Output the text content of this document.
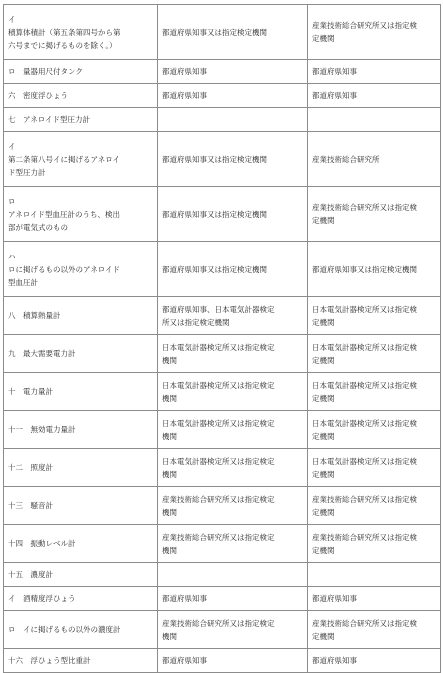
イ
積算体積計（第五条第四号から第
六号までに掲げるものを除く。）	都道府県知事又は指定検定機関	産業技術総合研究所又は指定検
定機関

ロ　量器用尺付タンク	都道府県知事	都道府県知事

六　密度浮ひょう	都道府県知事	都道府県知事

七　アネロイド型圧力計		

イ
第二条第八号イに掲げるアネロイ
ド型圧力計	都道府県知事又は指定検定機関	産業技術総合研究所

ロ
アネロイド型血圧計のうち、検出
部が電気式のもの	都道府県知事又は指定検定機関	産業技術総合研究所又は指定検
定機関

ハ
ロに掲げるもの以外のアネロイド
型血圧計	都道府県知事又は指定検定機関	都道府県知事又は指定検定機関

八　積算熱量計	都道府県知事、日本電気計器検定
所又は指定検定機関	日本電気計器検定所又は指定検
定機関

九　最大需要電力計	日本電気計器検定所又は指定検定
機関	日本電気計器検定所又は指定検
定機関

十　電力量計	日本電気計器検定所又は指定検定
機関	日本電気計器検定所又は指定検
定機関

十一　無効電力量計	日本電気計器検定所又は指定検定
機関	日本電気計器検定所又は指定検
定機関

十二　照度計	日本電気計器検定所又は指定検定
機関	日本電気計器検定所又は指定検
定機関

十三　騒音計	産業技術総合研究所又は指定検定
機関	産業技術総合研究所又は指定検
定機関

十四　振動レベル計	産業技術総合研究所又は指定検定
機関	産業技術総合研究所又は指定検
定機関

十五　濃度計		

イ　酒精度浮ひょう	都道府県知事	都道府県知事

ロ　イに掲げるもの以外の濃度計	産業技術総合研究所又は指定検定
機関	産業技術総合研究所又は指定検
定機関

十六　浮ひょう型比重計	都道府県知事	都道府県知事
